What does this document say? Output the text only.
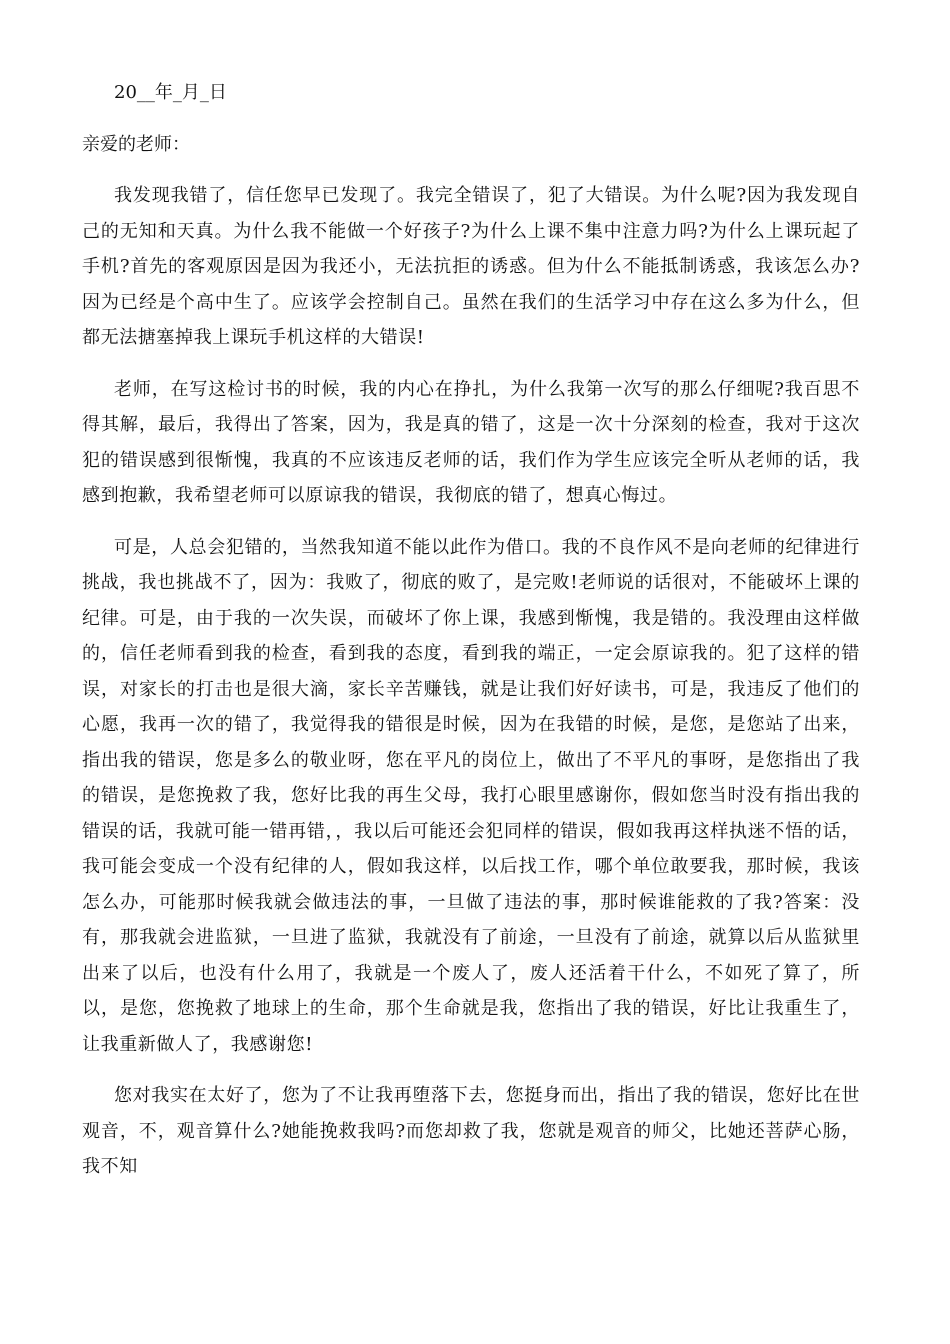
20__年_月_日

亲爱的老师：

我发现我错了，信任您早已发现了。我完全错误了，犯了大错误。为什么呢?因为我发现自己的无知和天真。为什么我不能做一个好孩子?为什么上课不集中注意力吗?为什么上课玩起了手机?首先的客观原因是因为我还小，无法抗拒的诱惑。但为什么不能抵制诱惑，我该怎么办?因为已经是个高中生了。应该学会控制自己。虽然在我们的生活学习中存在这么多为什么，但都无法搪塞掉我上课玩手机这样的大错误!

老师，在写这检讨书的时候，我的内心在挣扎，为什么我第一次写的那么仔细呢?我百思不得其解，最后，我得出了答案，因为，我是真的错了，这是一次十分深刻的检查，我对于这次犯的错误感到很惭愧，我真的不应该违反老师的话，我们作为学生应该完全听从老师的话，我感到抱歉，我希望老师可以原谅我的错误，我彻底的错了，想真心悔过。

可是，人总会犯错的，当然我知道不能以此作为借口。我的不良作风不是向老师的纪律进行挑战，我也挑战不了，因为：我败了，彻底的败了，是完败!老师说的话很对，不能破坏上课的纪律。可是，由于我的一次失误，而破坏了你上课，我感到惭愧，我是错的。我没理由这样做的，信任老师看到我的检查，看到我的态度，看到我的端正，一定会原谅我的。犯了这样的错误，对家长的打击也是很大滴，家长辛苦赚钱，就是让我们好好读书，可是，我违反了他们的心愿，我再一次的错了，我觉得我的错很是时候，因为在我错的时候，是您，是您站了出来，指出我的错误，您是多么的敬业呀，您在平凡的岗位上，做出了不平凡的事呀，是您指出了我的错误，是您挽救了我，您好比我的再生父母，我打心眼里感谢你，假如您当时没有指出我的错误的话，我就可能一错再错，，我以后可能还会犯同样的错误，假如我再这样执迷不悟的话，我可能会变成一个没有纪律的人，假如我这样，以后找工作，哪个单位敢要我，那时候，我该怎么办，可能那时候我就会做违法的事，一旦做了违法的事，那时候谁能救的了我?答案：没有，那我就会进监狱，一旦进了监狱，我就没有了前途，一旦没有了前途，就算以后从监狱里出来了以后，也没有什么用了，我就是一个废人了，废人还活着干什么，不如死了算了，所以，是您，您挽救了地球上的生命，那个生命就是我，您指出了我的错误，好比让我重生了，让我重新做人了，我感谢您!

您对我实在太好了，您为了不让我再堕落下去，您挺身而出，指出了我的错误，您好比在世观音，不，观音算什么?她能挽救我吗?而您却救了我，您就是观音的师父，比她还菩萨心肠，我不知
